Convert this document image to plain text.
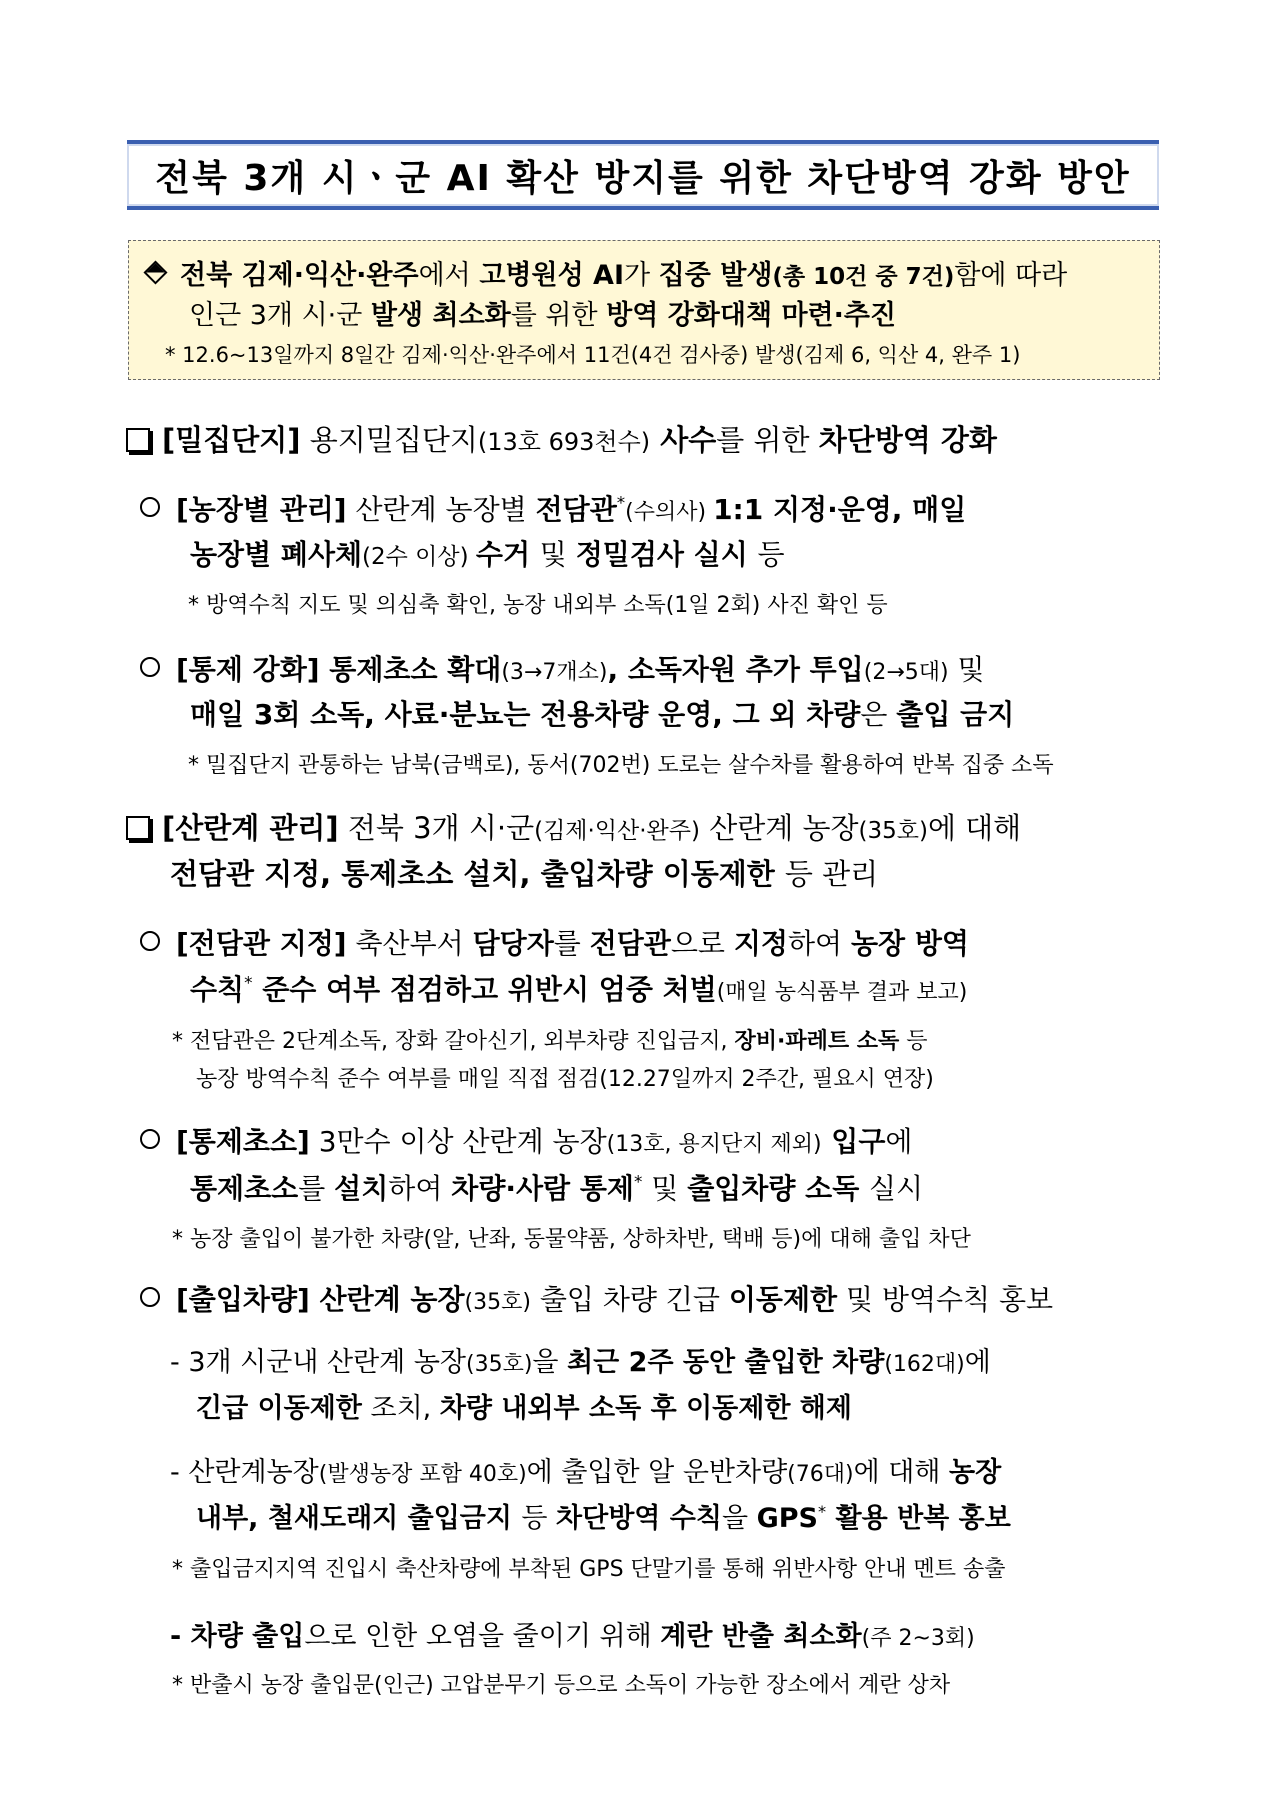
전북 3개 시ㆍ군 AI 확산 방지를 위한 차단방역 강화 방안
전북 김제·익산·완주에서 고병원성 AI가 집중 발생(총 10건 중 7건)함에 따라
인근 3개 시·군 발생 최소화를 위한 방역 강화대책 마련·추진
* 12.6~13일까지 8일간 김제·익산·완주에서 11건(4건 검사중) 발생(김제 6, 익산 4, 완주 1)
[밀집단지] 용지밀집단지(13호 693천수) 사수를 위한 차단방역 강화
[농장별 관리] 산란계 농장별 전담관*(수의사) 1:1 지정·운영, 매일
농장별 폐사체(2수 이상) 수거 및 정밀검사 실시 등
* 방역수칙 지도 및 의심축 확인, 농장 내외부 소독(1일 2회) 사진 확인 등
[통제 강화] 통제초소 확대(3→7개소), 소독자원 추가 투입(2→5대) 및
매일 3회 소독, 사료·분뇨는 전용차량 운영, 그 외 차량은 출입 금지
* 밀집단지 관통하는 남북(금백로), 동서(702번) 도로는 살수차를 활용하여 반복 집중 소독
[산란계 관리] 전북 3개 시·군(김제·익산·완주) 산란계 농장(35호)에 대해
전담관 지정, 통제초소 설치, 출입차량 이동제한 등 관리
[전담관 지정] 축산부서 담당자를 전담관으로 지정하여 농장 방역
수칙* 준수 여부 점검하고 위반시 엄중 처벌(매일 농식품부 결과 보고)
* 전담관은 2단계소독, 장화 갈아신기, 외부차량 진입금지, 장비·파레트 소독 등
농장 방역수칙 준수 여부를 매일 직접 점검(12.27일까지 2주간, 필요시 연장)
[통제초소] 3만수 이상 산란계 농장(13호, 용지단지 제외) 입구에
통제초소를 설치하여 차량·사람 통제* 및 출입차량 소독 실시
* 농장 출입이 불가한 차량(알, 난좌, 동물약품, 상하차반, 택배 등)에 대해 출입 차단
[출입차량] 산란계 농장(35호) 출입 차량 긴급 이동제한 및 방역수칙 홍보
- 3개 시군내 산란계 농장(35호)을 최근 2주 동안 출입한 차량(162대)에
긴급 이동제한 조치, 차량 내외부 소독 후 이동제한 해제
- 산란계농장(발생농장 포함 40호)에 출입한 알 운반차량(76대)에 대해 농장
내부, 철새도래지 출입금지 등 차단방역 수칙을 GPS* 활용 반복 홍보
* 출입금지지역 진입시 축산차량에 부착된 GPS 단말기를 통해 위반사항 안내 멘트 송출
- 차량 출입으로 인한 오염을 줄이기 위해 계란 반출 최소화(주 2~3회)
* 반출시 농장 출입문(인근) 고압분무기 등으로 소독이 가능한 장소에서 계란 상차
